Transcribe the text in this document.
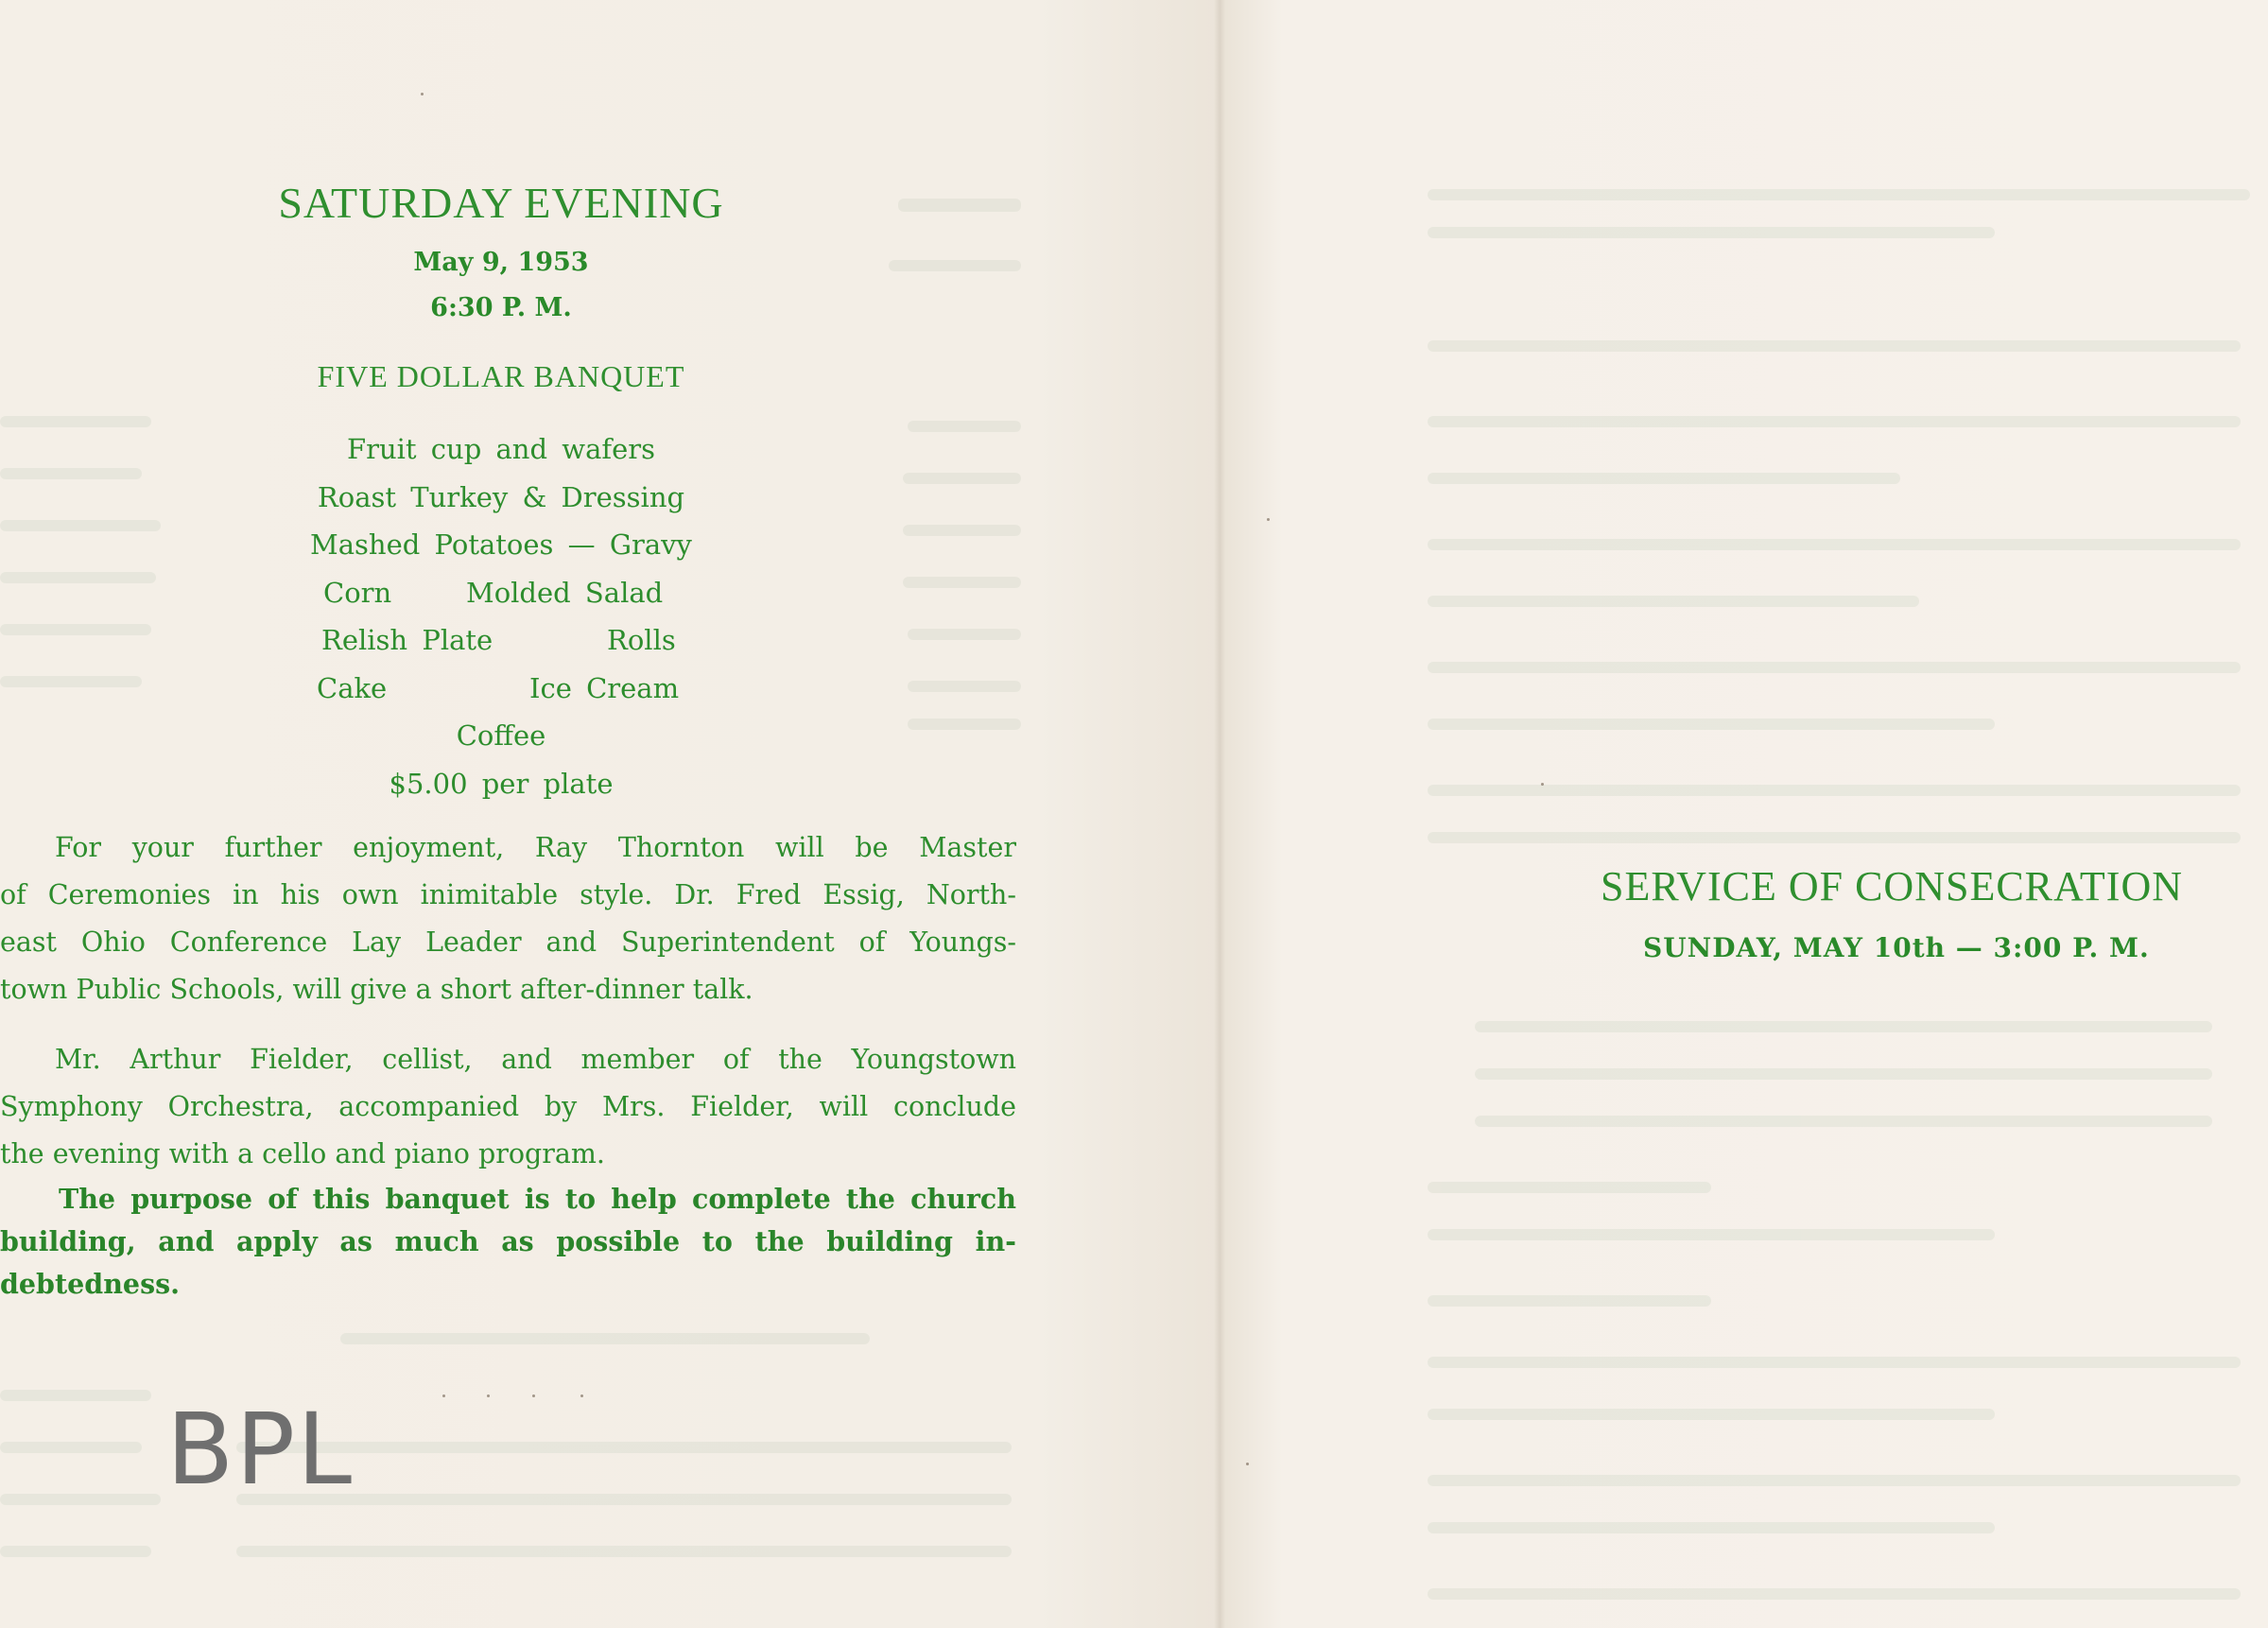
SATURDAY EVENING
May 9, 1953
6:30 P. M.
FIVE DOLLAR BANQUET
Fruit cup and wafers
Roast Turkey & Dressing
Mashed Potatoes — Gravy
Corn	Molded Salad
Relish Plate	Rolls
Cake	Ice Cream
Coffee
$5.00 per plate
For your further enjoyment, Ray Thornton will be Master
of Ceremonies in his own inimitable style. Dr. Fred Essig, North-
east Ohio Conference Lay Leader and Superintendent of Youngs-
town Public Schools, will give a short after-dinner talk.
Mr. Arthur Fielder, cellist, and member of the Youngstown
Symphony Orchestra, accompanied by Mrs. Fielder, will conclude
the evening with a cello and piano program.
The purpose of this banquet is to help complete the church
building, and apply as much as possible to the building in-
debtedness.
BPL
SERVICE OF CONSECRATION
SUNDAY, MAY 10th — 3:00 P. M.
